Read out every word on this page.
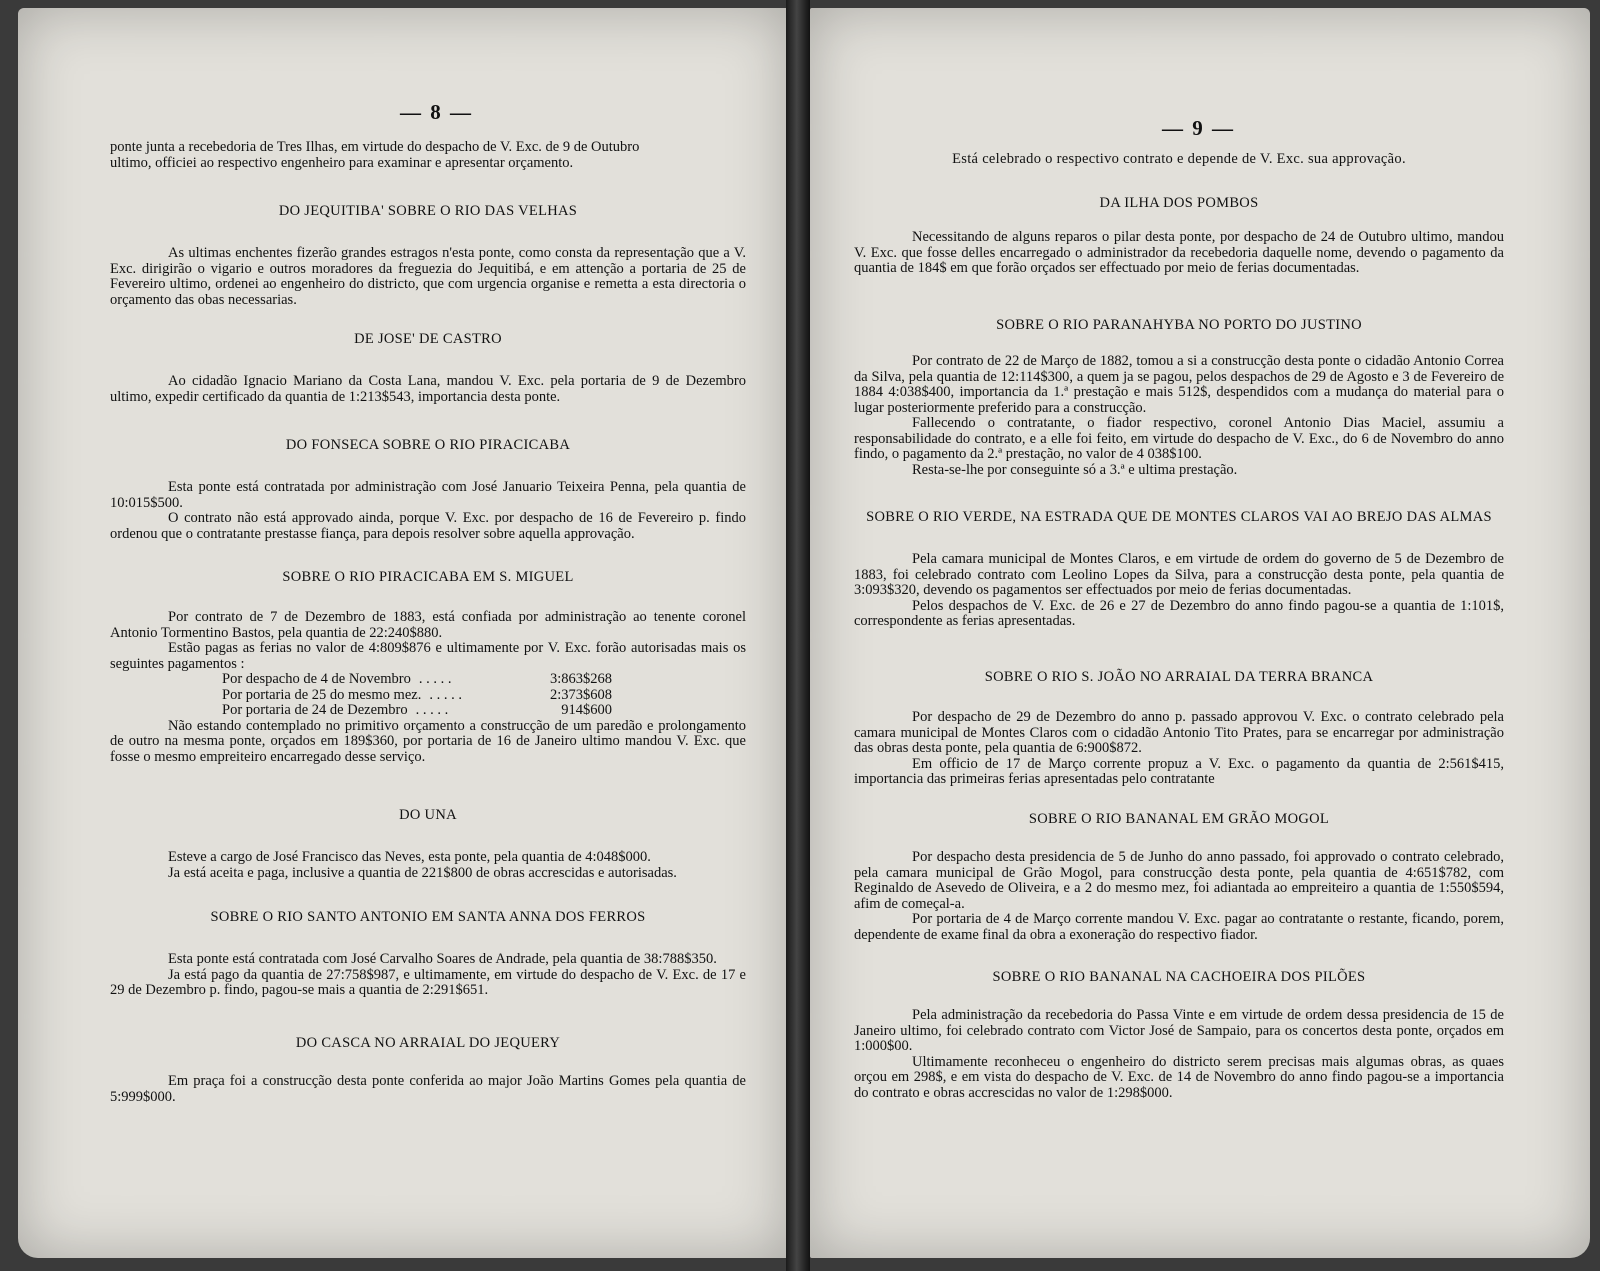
— 8 —

ponte junta a recebedoria de Tres Ilhas, em virtude do despacho de V. Exc. de 9 de Outubro

ultimo, officiei ao respectivo engenheiro para examinar e apresentar orçamento.

DO JEQUITIBA' SOBRE O RIO DAS VELHAS

As ultimas enchentes fizerão grandes estragos n'esta ponte, como consta da representação que a V. Exc. dirigirão o vigario e outros moradores da freguezia do Jequitibá, e em attenção a portaria de 25 de Fevereiro ultimo, ordenei ao engenheiro do districto, que com urgencia organise e remetta a esta directoria o orçamento das obas necessarias.

DE JOSE' DE CASTRO

Ao cidadão Ignacio Mariano da Costa Lana, mandou V. Exc. pela portaria de 9 de Dezembro ultimo, expedir certificado da quantia de 1:213$543, importancia desta ponte.

DO FONSECA SOBRE O RIO PIRACICABA

Esta ponte está contratada por administração com José Januario Teixeira Penna, pela quantia de 10:015$500.

O contrato não está approvado ainda, porque V. Exc. por despacho de 16 de Fevereiro p. findo ordenou que o contratante prestasse fiança, para depois resolver sobre aquella approvação.

SOBRE O RIO PIRACICABA EM S. MIGUEL

Por contrato de 7 de Dezembro de 1883, está confiada por administração ao tenente coronel Antonio Tormentino Bastos, pela quantia de 22:240$880.

Estão pagas as ferias no valor de 4:809$876 e ultimamente por V. Exc. forão autorisadas mais os seguintes pagamentos :

Por despacho de 4 de Novembro . . . . .	3:863$268
Por portaria de 25 do mesmo mez. . . . . .	2:373$608
Por portaria de 24 de Dezembro . . . . .	914$600

Não estando contemplado no primitivo orçamento a construcção de um paredão e prolongamento de outro na mesma ponte, orçados em 189$360, por portaria de 16 de Janeiro ultimo mandou V. Exc. que fosse o mesmo empreiteiro encarregado desse serviço.

DO UNA

Esteve a cargo de José Francisco das Neves, esta ponte, pela quantia de 4:048$000.

Ja está aceita e paga, inclusive a quantia de 221$800 de obras accrescidas e autorisadas.

SOBRE O RIO SANTO ANTONIO EM SANTA ANNA DOS FERROS

Esta ponte está contratada com José Carvalho Soares de Andrade, pela quantia de 38:788$350.

Ja está pago da quantia de 27:758$987, e ultimamente, em virtude do despacho de V. Exc. de 17 e 29 de Dezembro p. findo, pagou-se mais a quantia de 2:291$651.

DO CASCA NO ARRAIAL DO JEQUERY

Em praça foi a construcção desta ponte conferida ao major João Martins Gomes pela quantia de 5:999$000.

— 9 —

Está celebrado o respectivo contrato e depende de V. Exc. sua approvação.

DA ILHA DOS POMBOS

Necessitando de alguns reparos o pilar desta ponte, por despacho de 24 de Outubro ultimo, mandou V. Exc. que fosse delles encarregado o administrador da recebedoria daquelle nome, devendo o pagamento da quantia de 184$ em que forão orçados ser effectuado por meio de ferias documentadas.

SOBRE O RIO PARANAHYBA NO PORTO DO JUSTINO

Por contrato de 22 de Março de 1882, tomou a si a construcção desta ponte o cidadão Antonio Correa da Silva, pela quantia de 12:114$300, a quem ja se pagou, pelos despachos de 29 de Agosto e 3 de Fevereiro de 1884 4:038$400, importancia da 1.ª prestação e mais 512$, despendidos com a mudança do material para o lugar posteriormente preferido para a construcção.

Fallecendo o contratante, o fiador respectivo, coronel Antonio Dias Maciel, assumiu a responsabilidade do contrato, e a elle foi feito, em virtude do despacho de V. Exc., do 6 de Novembro do anno findo, o pagamento da 2.ª prestação, no valor de 4 038$100.

Resta-se-lhe por conseguinte só a 3.ª e ultima prestação.

SOBRE O RIO VERDE, NA ESTRADA QUE DE MONTES CLAROS VAI AO BREJO DAS ALMAS

Pela camara municipal de Montes Claros, e em virtude de ordem do governo de 5 de Dezembro de 1883, foi celebrado contrato com Leolino Lopes da Silva, para a construcção desta ponte, pela quantia de 3:093$320, devendo os pagamentos ser effectuados por meio de ferias documentadas.

Pelos despachos de V. Exc. de 26 e 27 de Dezembro do anno findo pagou-se a quantia de 1:101$, correspondente as ferias apresentadas.

SOBRE O RIO S. JOÃO NO ARRAIAL DA TERRA BRANCA

Por despacho de 29 de Dezembro do anno p. passado approvou V. Exc. o contrato celebrado pela camara municipal de Montes Claros com o cidadão Antonio Tito Prates, para se encarregar por administração das obras desta ponte, pela quantia de 6:900$872.

Em officio de 17 de Março corrente propuz a V. Exc. o pagamento da quantia de 2:561$415, importancia das primeiras ferias apresentadas pelo contratante

SOBRE O RIO BANANAL EM GRÃO MOGOL

Por despacho desta presidencia de 5 de Junho do anno passado, foi approvado o contrato celebrado, pela camara municipal de Grão Mogol, para construcção desta ponte, pela quantia de 4:651$782, com Reginaldo de Asevedo de Oliveira, e a 2 do mesmo mez, foi adiantada ao empreiteiro a quantia de 1:550$594, afim de começal-a.

Por portaria de 4 de Março corrente mandou V. Exc. pagar ao contratante o restante, ficando, porem, dependente de exame final da obra a exoneração do respectivo fiador.

SOBRE O RIO BANANAL NA CACHOEIRA DOS PILÕES

Pela administração da recebedoria do Passa Vinte e em virtude de ordem dessa presidencia de 15 de Janeiro ultimo, foi celebrado contrato com Victor José de Sampaio, para os concertos desta ponte, orçados em 1:000$00.

Ultimamente reconheceu o engenheiro do districto serem precisas mais algumas obras, as quaes orçou em 298$, e em vista do despacho de V. Exc. de 14 de Novembro do anno findo pagou-se a importancia do contrato e obras accrescidas no valor de 1:298$000.
